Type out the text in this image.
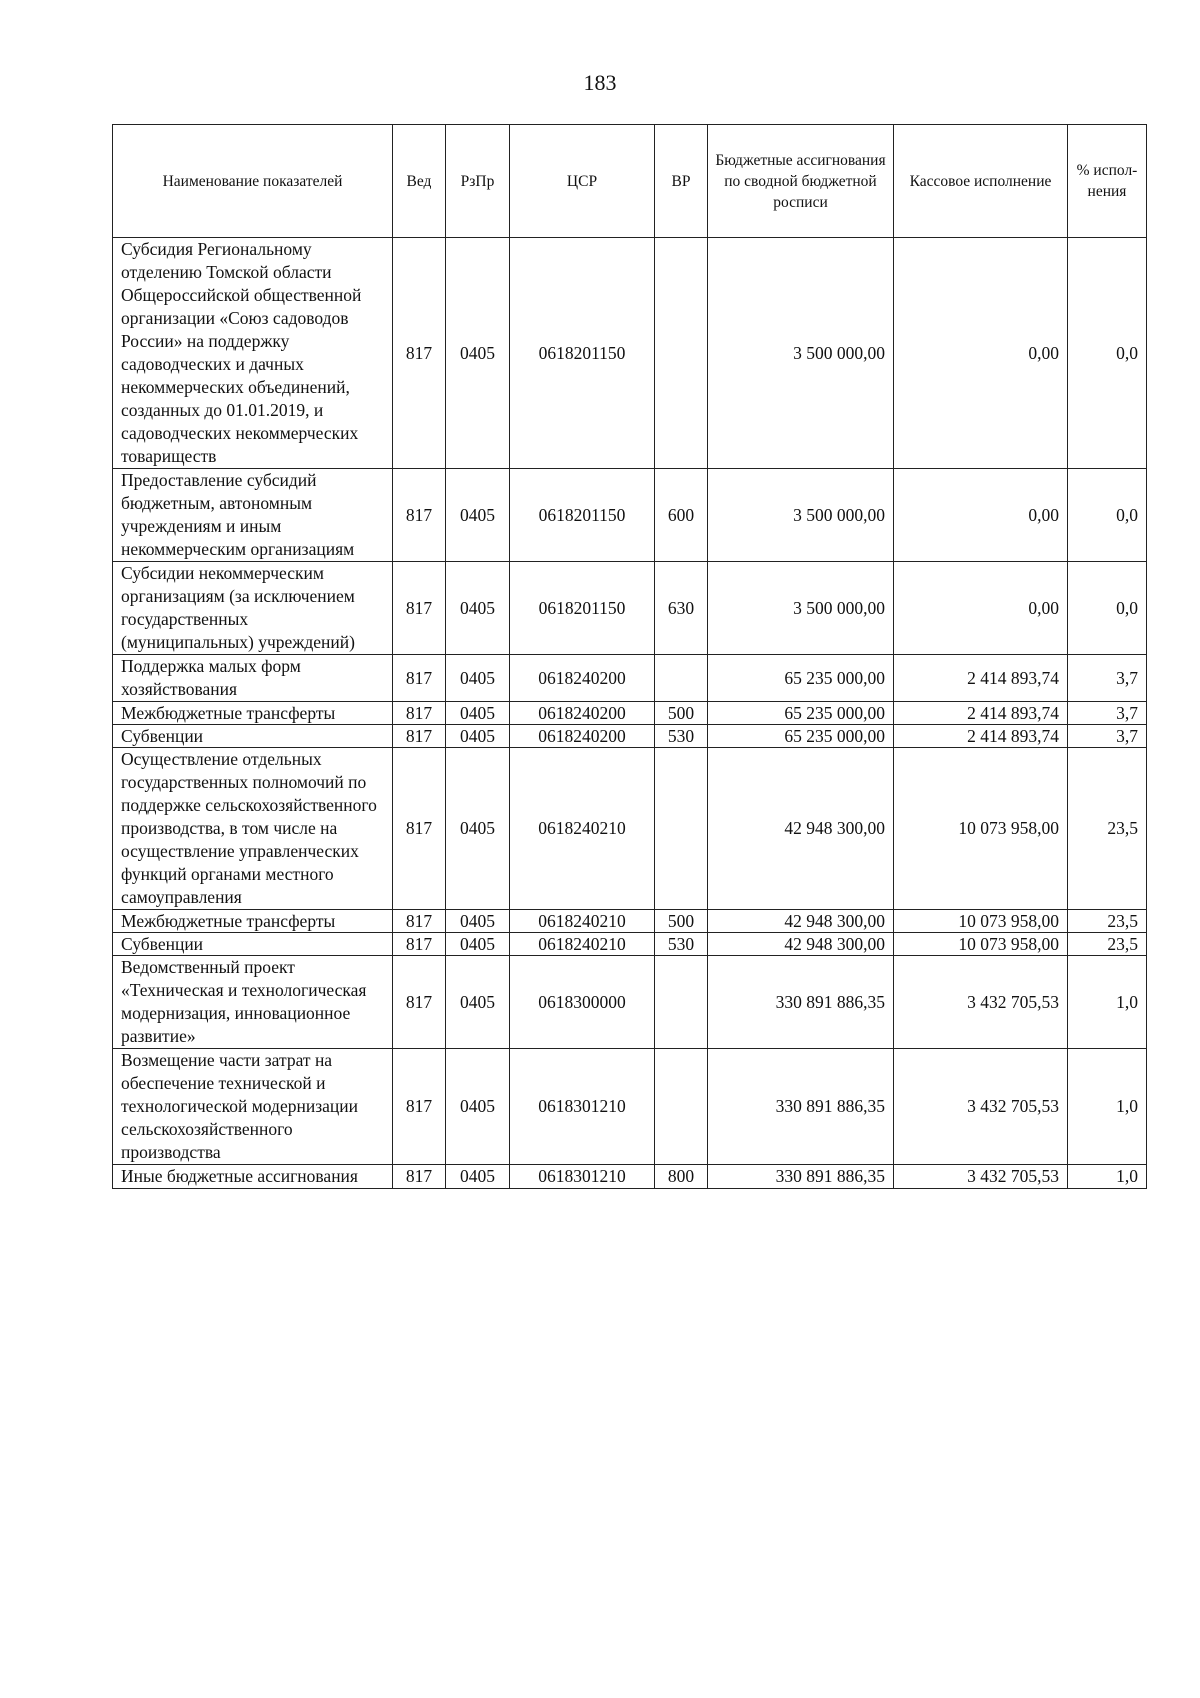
183
Наименование показателей	Вед	РзПр	ЦСР	ВР	Бюджетные ассигнования по сводной бюджетной росписи	Кассовое исполнение	% испол-нения
Субсидия Региональному отделению Томской области Общероссийской общественной организации «Союз садоводов России» на поддержку садоводческих и дачных некоммерческих объединений, созданных до 01.01.2019, и садоводческих некоммерческих товариществ	817	0405	0618201150		3 500 000,00	0,00	0,0
Предоставление субсидий бюджетным, автономным учреждениям и иным некоммерческим организациям	817	0405	0618201150	600	3 500 000,00	0,00	0,0
Субсидии некоммерческим организациям (за исключением государственных (муниципальных) учреждений)	817	0405	0618201150	630	3 500 000,00	0,00	0,0
Поддержка малых форм хозяйствования	817	0405	0618240200		65 235 000,00	2 414 893,74	3,7
Межбюджетные трансферты	817	0405	0618240200	500	65 235 000,00	2 414 893,74	3,7
Субвенции	817	0405	0618240200	530	65 235 000,00	2 414 893,74	3,7
Осуществление отдельных государственных полномочий по поддержке сельскохозяйственного производства, в том числе на осуществление управленческих функций органами местного самоуправления	817	0405	0618240210		42 948 300,00	10 073 958,00	23,5
Межбюджетные трансферты	817	0405	0618240210	500	42 948 300,00	10 073 958,00	23,5
Субвенции	817	0405	0618240210	530	42 948 300,00	10 073 958,00	23,5
Ведомственный проект «Техническая и технологическая модернизация, инновационное развитие»	817	0405	0618300000		330 891 886,35	3 432 705,53	1,0
Возмещение части затрат на обеспечение технической и технологической модернизации сельскохозяйственного производства	817	0405	0618301210		330 891 886,35	3 432 705,53	1,0
Иные бюджетные ассигнования	817	0405	0618301210	800	330 891 886,35	3 432 705,53	1,0
